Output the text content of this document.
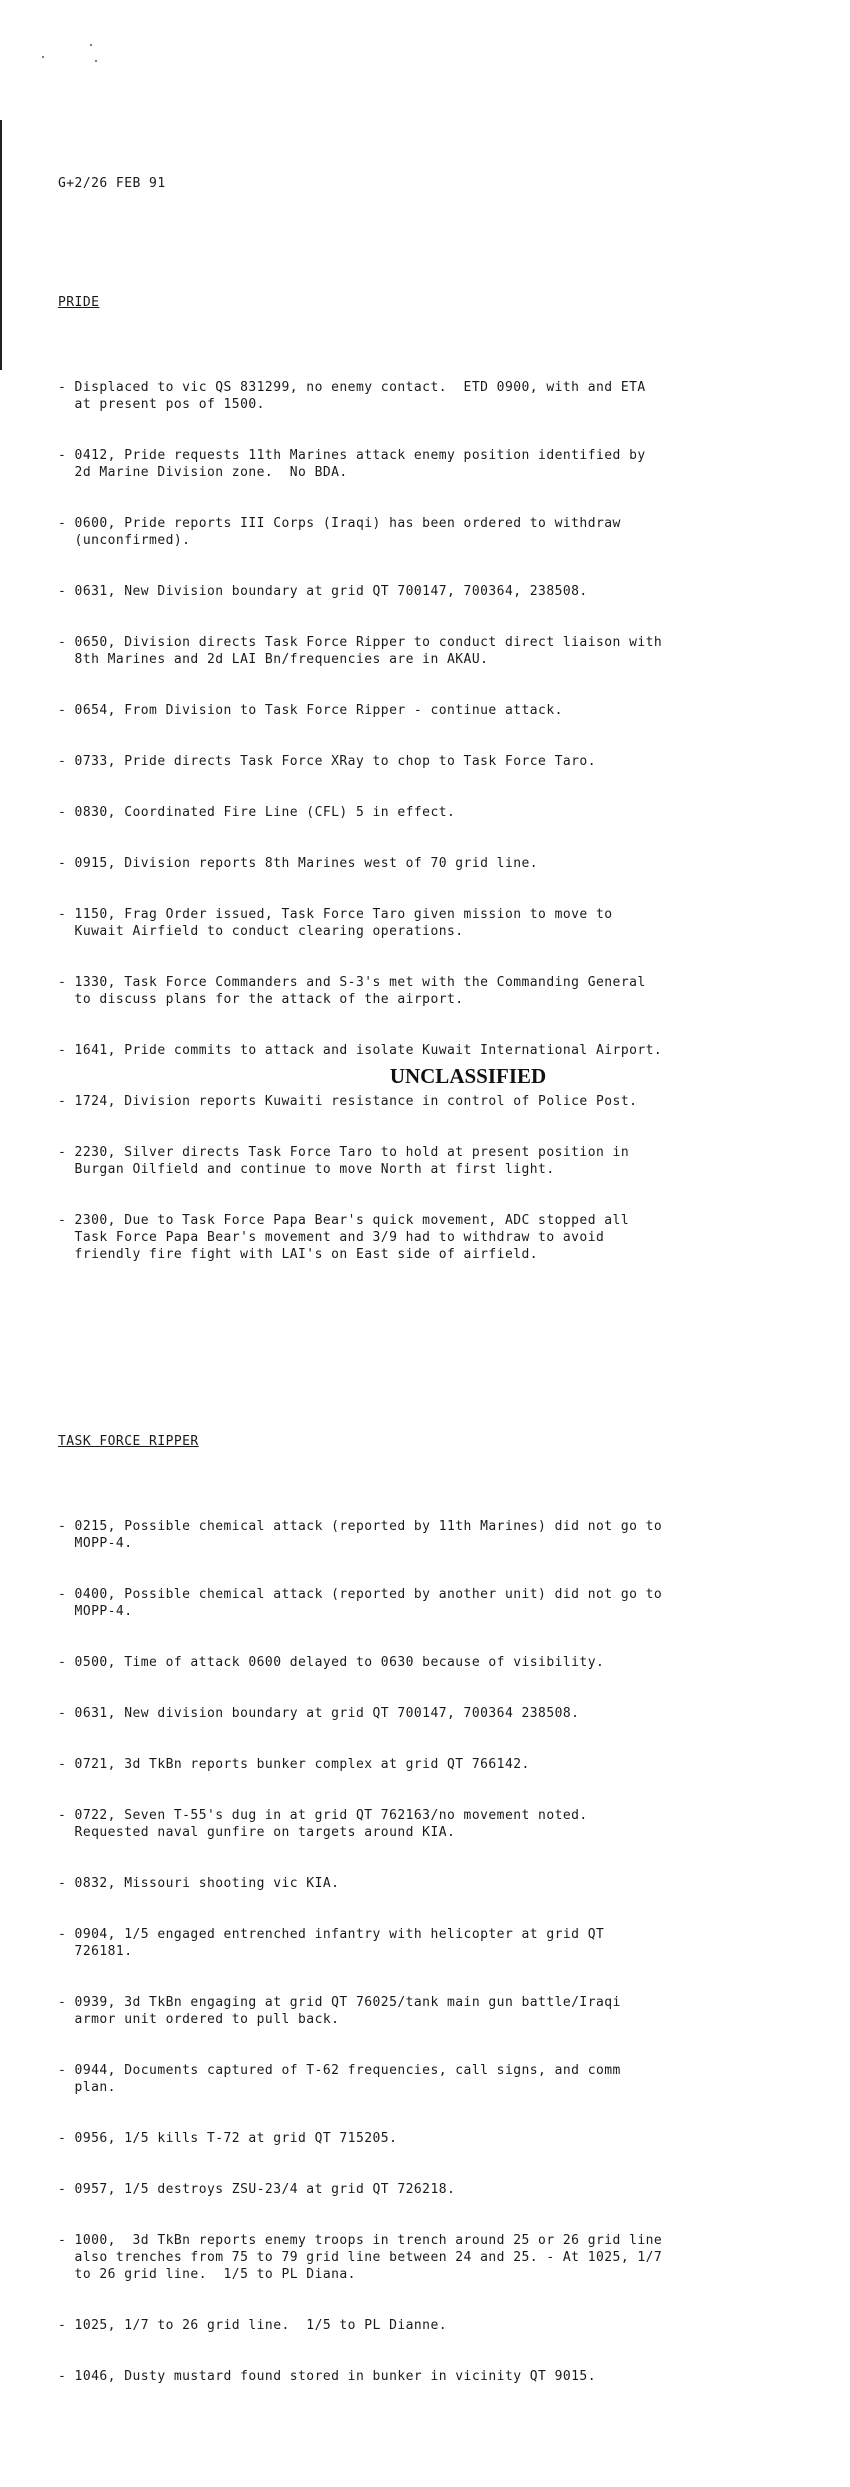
G+2/26 FEB 91

PRIDE

- Displaced to vic QS 831299, no enemy contact.  ETD 0900, with and ETA
at present pos of 1500.

- 0412, Pride requests 11th Marines attack enemy position identified by
2d Marine Division zone.  No BDA.

- 0600, Pride reports III Corps (Iraqi) has been ordered to withdraw
(unconfirmed).

- 0631, New Division boundary at grid QT 700147, 700364, 238508.

- 0650, Division directs Task Force Ripper to conduct direct liaison with
8th Marines and 2d LAI Bn/frequencies are in AKAU.

- 0654, From Division to Task Force Ripper - continue attack.

- 0733, Pride directs Task Force XRay to chop to Task Force Taro.

- 0830, Coordinated Fire Line (CFL) 5 in effect.

- 0915, Division reports 8th Marines west of 70 grid line.

- 1150, Frag Order issued, Task Force Taro given mission to move to
Kuwait Airfield to conduct clearing operations.

- 1330, Task Force Commanders and S-3's met with the Commanding General
to discuss plans for the attack of the airport.

- 1641, Pride commits to attack and isolate Kuwait International Airport.

- 1724, Division reports Kuwaiti resistance in control of Police Post.

- 2230, Silver directs Task Force Taro to hold at present position in
Burgan Oilfield and continue to move North at first light.

- 2300, Due to Task Force Papa Bear's quick movement, ADC stopped all
Task Force Papa Bear's movement and 3/9 had to withdraw to avoid
friendly fire fight with LAI's on East side of airfield.

TASK FORCE RIPPER

- 0215, Possible chemical attack (reported by 11th Marines) did not go to
MOPP-4.

- 0400, Possible chemical attack (reported by another unit) did not go to
MOPP-4.

- 0500, Time of attack 0600 delayed to 0630 because of visibility.

- 0631, New division boundary at grid QT 700147, 700364 238508.

- 0721, 3d TkBn reports bunker complex at grid QT 766142.

- 0722, Seven T-55's dug in at grid QT 762163/no movement noted.
Requested naval gunfire on targets around KIA.

- 0832, Missouri shooting vic KIA.

- 0904, 1/5 engaged entrenched infantry with helicopter at grid QT
726181.

- 0939, 3d TkBn engaging at grid QT 76025/tank main gun battle/Iraqi
armor unit ordered to pull back.

- 0944, Documents captured of T-62 frequencies, call signs, and comm
plan.

- 0956, 1/5 kills T-72 at grid QT 715205.

- 0957, 1/5 destroys ZSU-23/4 at grid QT 726218.

- 1000,  3d TkBn reports enemy troops in trench around 25 or 26 grid line
also trenches from 75 to 79 grid line between 24 and 25. - At 1025, 1/7
to 26 grid line.  1/5 to PL Diana.

- 1025, 1/7 to 26 grid line.  1/5 to PL Dianne.

- 1046, Dusty mustard found stored in bunker in vicinity QT 9015.

UNCLASSIFIED
